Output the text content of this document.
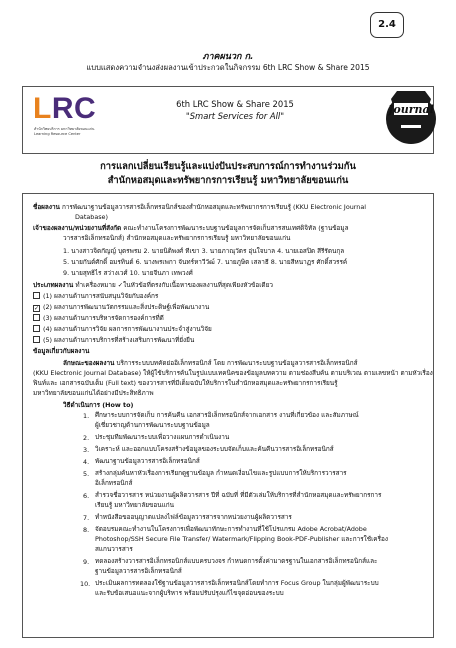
2.4
ภาคผนวก ก.
แบบแสดงความจำนงส่งผลงานเข้าประกวดในกิจกรรม 6th LRC Show & Share 2015
LRC
สำนักวิทยบริการ มหาวิทยาลัยขอนแก่น
Learning Resource Center
6th LRC Show & Share 2015
"Smart Services for All"	Journal
การแลกเปลี่ยนเรียนรู้และแบ่งปันประสบการณ์การทำงานร่วมกัน
สำนักหอสมุดและทรัพยากรการเรียนรู้ มหาวิทยาลัยขอนแก่น
ชื่อผลงาน การพัฒนาฐานข้อมูลวารสารอิเล็กทรอนิกส์ของสำนักหอสมุดและทรัพยากรการเรียนรู้ (KKU Electronic Journal
Database)
เจ้าของผลงาน/หน่วยงานที่สังกัด คณะทำงานโครงการพัฒนาระบบฐานข้อมูลการจัดเก็บสารสนเทศดิจิทัล (ฐานข้อมูล
วารสารอิเล็กทรอนิกส์) สำนักหอสมุดและทรัพยากรการเรียนรู้ มหาวิทยาลัยขอนแก่น
1. นางสาวจิตกัญญ์ บุตรพรม 2. นายนิติพงศ์ ทีเขา 3. นายภาณุวัตร อุ่นใจบาล 4. นายเอสปิด สีรีรัตนกุล
5. นายกันต์ศักดิ์ อมรทินต์ 6. นางพรเพกา จันทร์หาวีวัฒ์ 7. นายภูษิต เสลาธี 8. นายสีหนาฏร ศักดิ์สวรรค์
9. นายสุทธิไร สว่างเวศ์ 10. นายจีนภา เทพวงศ์
ประเภทผลงาน ทำเครื่องหมาย ✓ในหัวข้อที่ตรงกับเนื้อหาของผลงานที่สุดเพียงหัวข้อเดียว
(1) ผลงานด้านการสนับสนุนวิจัยกับองค์กร
✓ (2) ผลงานการพัฒนานวัตกรรมและสิ่งประดิษฐ์เพื่อพัฒนางาน
(3) ผลงานด้านการบริหารจัดการองค์การที่ดี
(4) ผลงานด้านการวิจัย ผลการการพัฒนางานประจำสู่งานวิจัย
(5) ผลงานด้านการบริการที่สร้างเสริมการพัฒนาที่ยั่งยืน
ข้อมูลเกี่ยวกับผลงาน
ลักษณะของผลงาน บริการระบบบทคัดย่ออิเล็กทรอนิกส์ โดย การพัฒนาระบบฐานข้อมูลวารสารอิเล็กทรอนิกส์
(KKU Electronic Journal Database) ให้ผู้ใช้บริการค้นในรูปแบบเทคนิคของข้อมูลบทความ ตามช่องสืบค้น ตามบริเวณ ตามเลขหน้า ตามหัวเรื่อง
ฟินท์และ เอกสารฉบับเต็ม (Full text) ของวารสารที่มีเต็มฉบับให้บริการในสำนักหอสมุดและทรัพยากรการเรียนรู้
มหาวิทยาลัยขอนแก่นได้อย่างมีประสิทธิภาพ
วิธีดำเนินการ (How to)
1. ศึกษาระบบการจัดเก็บ การค้นคืน เอกสารอิเล็กทรอนิกส์จากเอกสาร งานที่เกี่ยวข้อง และสัมภาษณ์
ผู้เชี่ยวชาญด้านการพัฒนาระบบฐานข้อมูล
2. ประชุมทีมพัฒนาระบบเพื่อวางแผนการดำเนินงาน
3. วิเคราะห์ และออกแบบโครงสร้างข้อมูลของระบบจัดเก็บและค้นคืนวารสารอิเล็กทรอนิกส์
4. พัฒนาฐานข้อมูลวารสารอิเล็กทรอนิกส์
5. สร้างกลุ่มค้นหาหัวเรื่องการเรียกดูฐานข้อมูล กำหนดเงื่อนไขและรูปแบบการให้บริการวารสาร
อิเล็กทรอนิกส์
6. สำรวจชื่อวารสาร หน่วยงานผู้ผลิตวารสาร ปีที่ ฉบับที่ ที่มีตัวเล่มให้บริการที่สำนักหอสมุดและทรัพยากรการ
เรียนรู้ มหาวิทยาลัยขอนแก่น
7. ทำหนังสือขออนุญาตแปลงไฟล์ข้อมูลวารสารจากหน่วยงานผู้ผลิตวารสาร
8. จัดอบรมคณะทำงานในโครงการเพื่อพัฒนาทักษะการทำงานที่ใช้โปรแกรม Adobe Acrobat/Adobe
Photoshop/SSH Secure File Transfer/ Watermark/Flipping Book-PDF-Publisher และการใช้เครื่อง
สแกนวารสาร
9. ทดลองสร้างวารสารอิเล็กทรอนิกส์แบบครบวงจร กำหนดการตั้งค่ามาตรฐานในเอกสารอิเล็กทรอนิกส์และ
ฐานข้อมูลวารสารอิเล็กทรอนิกส์
10. ประเมินผลการทดลองใช้ฐานข้อมูลวารสารอิเล็กทรอนิกส์โดยทำการ Focus Group ในกลุ่มผู้พัฒนาระบบ
และรับข้อเสนอแนะจากผู้บริหาร พร้อมปรับปรุงแก้ไขจุดอ่อนของระบบ
